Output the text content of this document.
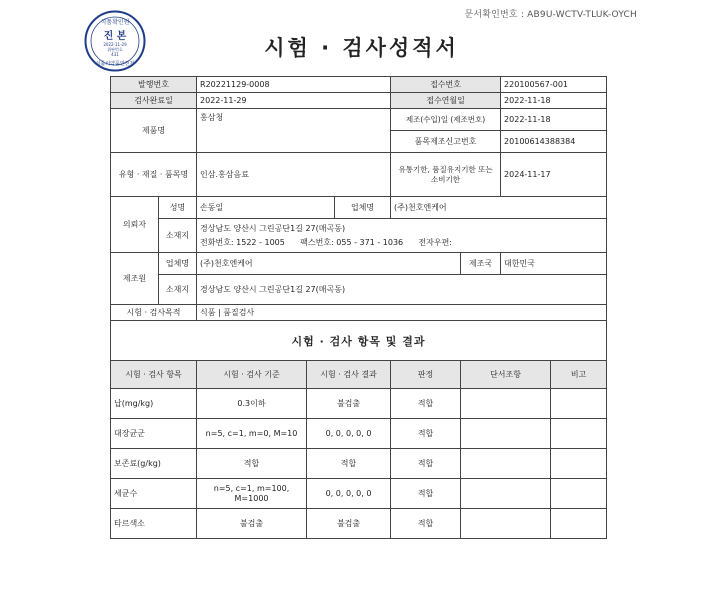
문서확인번호 : AB9U-WCTV-TLUK-OYCH
식품확인원
진 본
2022-11-29
위판번호
431
식품의약품안전처
시험 · 검사성적서
발행번호		R20221129-0008			접수번호		220100567-001	
검사완료일		2022-11-29			접수연월일		2022-11-18	
제품명		홍삼청			제조(수입)일 (제조번호)		2022-11-18	
					품목제조신고번호		20100614388384	
유형 · 재질 · 품목명		인삼.홍삼음료			유통기한, 품질유지기한 또는 소비기한		2024-11-17	
의뢰자	성명	손동일		업체명	(주)천호엔케어			
	소재지	경상남도 양산시 그린공단1길 27(매곡동)
전화번호: 1522 - 1005 팩스번호: 055 - 371 - 1036 전자우편:						

제조원	업체명	(주)천호엔케어				제조국	대한민국	
	소재지	경상남도 양산시 그린공단1길 27(매곡동)						
시험 · 검사목적		식품 | 품질검사						
시험 · 검사 항목 및 결과								
시험 · 검사 항목		시험 · 검사 기준	시험 · 검사 결과		판정	단서조항		비고
납(mg/kg)		0.3이하	불검출		적합			
대장균군		n=5, c=1, m=0, M=10	0, 0, 0, 0, 0		적합			
보존료(g/kg)		적합	적합		적합			
세균수		n=5, c=1, m=100, M=1000	0, 0, 0, 0, 0		적합			
타르색소		불검출	불검출		적합			
